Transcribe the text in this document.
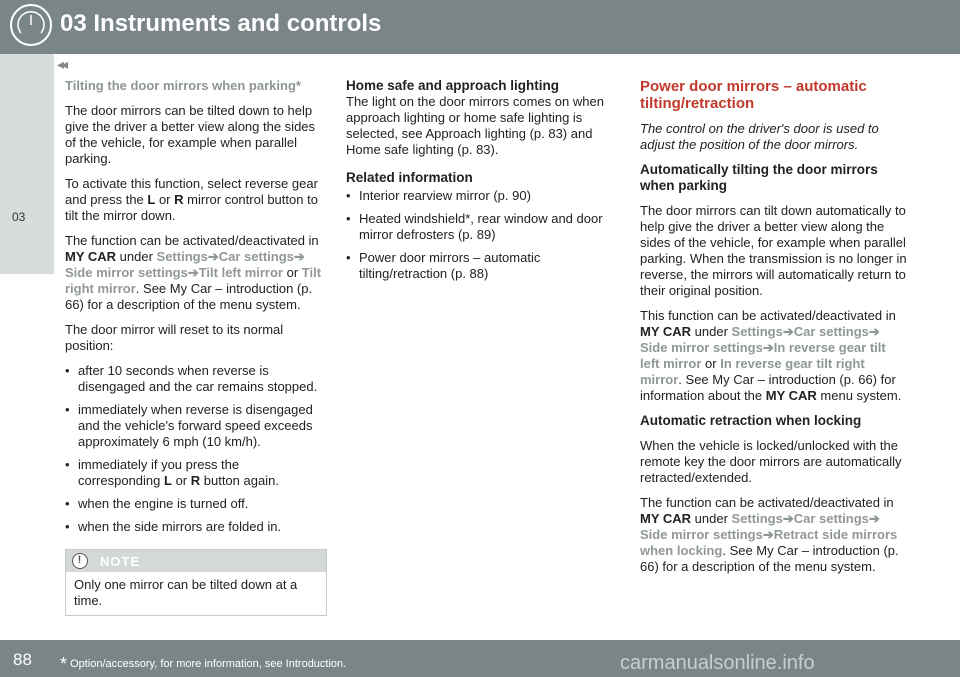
03 Instruments and controls
03
◂◂

Tilting the door mirrors when parking*

The door mirrors can be tilted down to help give the driver a better view along the sides of the vehicle, for example when parallel parking.

To activate this function, select reverse gear and press the L or R mirror control button to tilt the mirror down.

The function can be activated/deactivated in MY CAR under Settings➔Car settings➔ Side mirror settings➔Tilt left mirror or Tilt right mirror. See My Car – introduction (p. 66) for a description of the menu system.

The door mirror will reset to its normal position:

• after 10 seconds when reverse is disengaged and the car remains stopped.
• immediately when reverse is disengaged and the vehicle's forward speed exceeds approximately 6 mph (10 km/h).
• immediately if you press the corresponding L or R button again.
• when the engine is turned off.
• when the side mirrors are folded in.
!	NOTE
Only one mirror can be tilted down at a time.

Home safe and approach lighting

The light on the door mirrors comes on when approach lighting or home safe lighting is selected, see Approach lighting (p. 83) and Home safe lighting (p. 83).

Related information

• Interior rearview mirror (p. 90)
• Heated windshield*, rear window and door mirror defrosters (p. 89)
• Power door mirrors – automatic tilting/retraction (p. 88)

Power door mirrors – automatic tilting/retraction

The control on the driver's door is used to adjust the position of the door mirrors.

Automatically tilting the door mirrors when parking

The door mirrors can tilt down automatically to help give the driver a better view along the sides of the vehicle, for example when parallel parking. When the transmission is no longer in reverse, the mirrors will automatically return to their original position.

This function can be activated/deactivated in MY CAR under Settings➔Car settings➔ Side mirror settings➔In reverse gear tilt left mirror or In reverse gear tilt right mirror. See My Car – introduction (p. 66) for information about the MY CAR menu system.

Automatic retraction when locking

When the vehicle is locked/unlocked with the remote key the door mirrors are automatically retracted/extended.

The function can be activated/deactivated in MY CAR under Settings➔Car settings➔ Side mirror settings➔Retract side mirrors when locking. See My Car – introduction (p. 66) for a description of the menu system.

88 * Option/accessory, for more information, see Introduction.	carmanualsonline.info
